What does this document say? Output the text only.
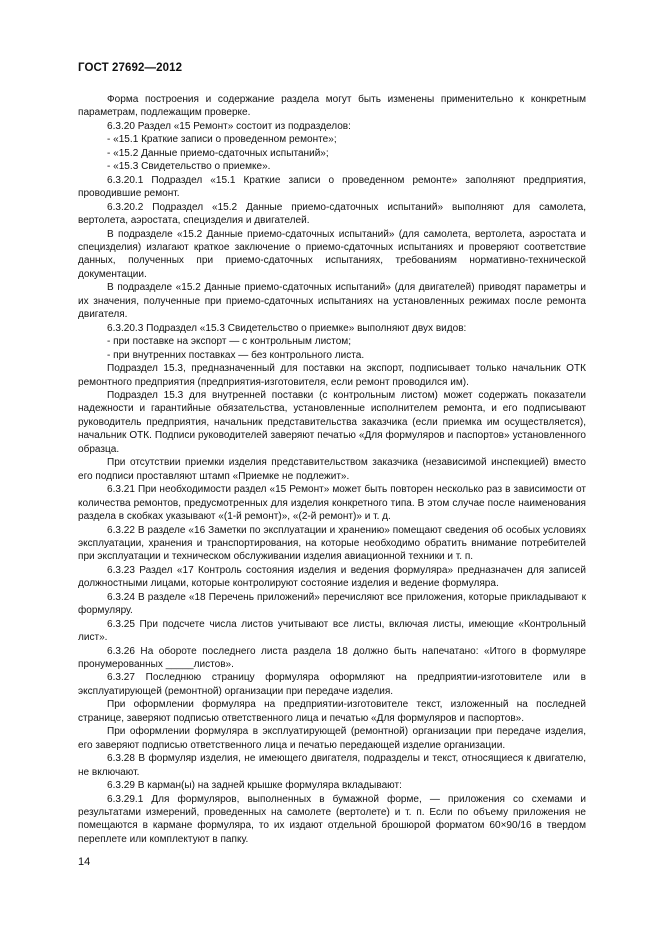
ГОСТ 27692—2012

Форма построения и содержание раздела могут быть изменены применительно к конкретным параметрам, подлежащим проверке.

6.3.20 Раздел «15 Ремонт» состоит из подразделов:

- «15.1 Краткие записи о проведенном ремонте»;

- «15.2 Данные приемо-сдаточных испытаний»;

- «15.3 Свидетельство о приемке».

6.3.20.1 Подраздел «15.1 Краткие записи о проведенном ремонте» заполняют предприятия, проводившие ремонт.

6.3.20.2 Подраздел «15.2 Данные приемо-сдаточных испытаний» выполняют для самолета, вертолета, аэростата, специзделия и двигателей.

В подразделе «15.2 Данные приемо-сдаточных испытаний» (для самолета, вертолета, аэростата и специзделия) излагают краткое заключение о приемо-сдаточных испытаниях и проверяют соответствие данных, полученных при приемо-сдаточных испытаниях, требованиям нормативно-технической документации.

В подразделе «15.2 Данные приемо-сдаточных испытаний» (для двигателей) приводят параметры и их значения, полученные при приемо-сдаточных испытаниях на установленных режимах после ремонта двигателя.

6.3.20.3 Подраздел «15.3 Свидетельство о приемке» выполняют двух видов:

- при поставке на экспорт — с контрольным листом;

- при внутренних поставках — без контрольного листа.

Подраздел 15.3, предназначенный для поставки на экспорт, подписывает только начальник ОТК ремонтного предприятия (предприятия-изготовителя, если ремонт проводился им).

Подраздел 15.3 для внутренней поставки (с контрольным листом) может содержать показатели надежности и гарантийные обязательства, установленные исполнителем ремонта, и его подписывают руководитель предприятия, начальник представительства заказчика (если приемка им осуществляется), начальник ОТК. Подписи руководителей заверяют печатью «Для формуляров и паспортов» установленного образца.

При отсутствии приемки изделия представительством заказчика (независимой инспекцией) вместо его подписи проставляют штамп «Приемке не подлежит».

6.3.21 При необходимости раздел «15 Ремонт» может быть повторен несколько раз в зависимости от количества ремонтов, предусмотренных для изделия конкретного типа. В этом случае после наименования раздела в скобках указывают «(1-й ремонт)», «(2-й ремонт)» и т. д.

6.3.22 В разделе «16 Заметки по эксплуатации и хранению» помещают сведения об особых условиях эксплуатации, хранения и транспортирования, на которые необходимо обратить внимание потребителей при эксплуатации и техническом обслуживании изделия авиационной техники и т. п.

6.3.23 Раздел «17 Контроль состояния изделия и ведения формуляра» предназначен для записей должностными лицами, которые контролируют состояние изделия и ведение формуляра.

6.3.24 В разделе «18 Перечень приложений» перечисляют все приложения, которые прикладывают к формуляру.

6.3.25 При подсчете числа листов учитывают все листы, включая листы, имеющие «Контрольный лист».

6.3.26 На обороте последнего листа раздела 18 должно быть напечатано: «Итого в формуляре пронумерованных _____листов».

6.3.27 Последнюю страницу формуляра оформляют на предприятии-изготовителе или в эксплуатирующей (ремонтной) организации при передаче изделия.

При оформлении формуляра на предприятии-изготовителе текст, изложенный на последней странице, заверяют подписью ответственного лица и печатью «Для формуляров и паспортов».

При оформлении формуляра в эксплуатирующей (ремонтной) организации при передаче изделия, его заверяют подписью ответственного лица и печатью передающей изделие организации.

6.3.28 В формуляр изделия, не имеющего двигателя, подразделы и текст, относящиеся к двигателю, не включают.

6.3.29 В карман(ы) на задней крышке формуляра вкладывают:

6.3.29.1 Для формуляров, выполненных в бумажной форме, — приложения со схемами и результатами измерений, проведенных на самолете (вертолете) и т. п. Если по объему приложения не помещаются в кармане формуляра, то их издают отдельной брошюрой форматом 60×90/16 в твердом переплете или комплектуют в папку.

14
